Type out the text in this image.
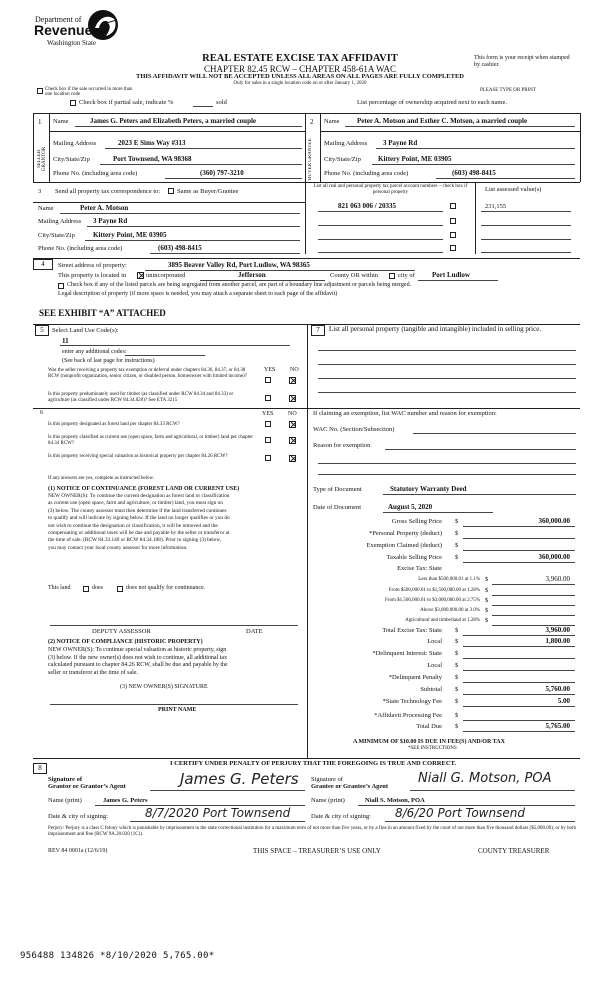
Department of
Revenue
Washington State
REAL ESTATE EXCISE TAX AFFIDAVIT
CHAPTER 82.45 RCW – CHAPTER 458-61A WAC
THIS AFFIDAVIT WILL NOT BE ACCEPTED UNLESS ALL AREAS ON ALL PAGES ARE FULLY COMPLETED
Only for sales in a single location code on or after January 1, 2020
This form is your receipt when stamped by cashier.
PLEASE TYPE OR PRINT
Check box if the sale occurred in more than one location code
Check box if partial sale, indicate %	sold	List percentage of ownership acquired next to each name.
1
SELLER GRANTOR
Name	James G. Peters and Elizabeth Peters, a married couple
Mailing Address	2023 E Sims Way #313
City/State/Zip	Port Townsend, WA 98368
Phone No. (including area code)	(360) 797-3210
2
BUYER GRANTEE
Name Peter A. Motson and Esther C. Motson, a married couple
Mailing Address 3 Payne Rd
City/State/Zip Kittery Point, ME 03905
Phone No. (including area code)	(603) 498-8415
3 Send all property tax correspondence to:	Same as Buyer/Grantee
Name	Peter A. Motson
Mailing Address 3 Payne Rd
City/State/Zip	Kittery Point, ME 03905
Phone No. (including area code)	(603) 498-8415
List all real and personal property tax parcel account numbers – check box if personal property	List assessed value(s)
821 063 006 / 20335	231,155
4	Street address of property:	3895 Beaver Valley Rd, Port Ludlow, WA 98365
This property is located in	unincorporated	Jefferson	County OR within	city of Port Ludlow
Check box if any of the listed parcels are being segregated from another parcel, are part of a boundary line adjustment or parcels being merged.
Legal description of property (if more space is needed, you may attach a separate sheet to each page of the affidavit)
SEE EXHIBIT “A” ATTACHED
5	Select Land Use Code(s):
11
enter any additional codes:
(See back of last page for instructions)
YES NO
Was the seller receiving a property tax exemption or deferral under chapters 84.36, 84.37, or 84.38 RCW (nonprofit organization, senior citizen, or disabled person, homeowner with limited income)?
Is this property predominately used for timber (as classified under RCW 84.34 and 84.33) or agriculture (as classified under RCW 84.34.020)? See ETA 3215
6	YES NO
Is this property designated as forest land per chapter 84.33 RCW?
Is this property classified as current use (open space, farm and agricultural, or timber) land per chapter 84.34 RCW?
Is this property receiving special valuation as historical property per chapter 84.26 RCW?
If any answers are yes, complete as instructed below.
(1) NOTICE OF CONTINUANCE (FOREST LAND OR CURRENT USE)
NEW OWNER(S): To continue the current designation as forest land or classification
as current use (open space, farm and agriculture, or timber) land, you must sign on
(3) below. The county assessor must then determine if the land transferred continues
to qualify and will indicate by signing below. If the land no longer qualifies or you do
not wish to continue the designation or classification, it will be removed and the
compensating or additional taxes will be due and payable by the seller or transferor at
the time of sale. (RCW 84.33.140 or RCW 84.34.108). Prior to signing (3) below,
you may contact your local county assessor for more information.
This land	does	does not qualify for continuance.
DEPUTY ASSESSOR	DATE
(2) NOTICE OF COMPLIANCE (HISTORIC PROPERTY)
NEW OWNER(S): To continue special valuation as historic property, sign
(3) below. If the new owner(s) does not wish to continue, all additional tax
calculated pursuant to chapter 84.26 RCW, shall be due and payable by the
seller or transferor at the time of sale.
(3) NEW OWNER(S) SIGNATURE
PRINT NAME
7	List all personal property (tangible and intangible) included in selling price.
If claiming an exemption, list WAC number and reason for exemption:
WAC No. (Section/Subsection)
Reason for exemption
Type of Document	Statutory Warranty Deed
Date of Document	August 5, 2020
Gross Selling Price $	360,000.00
*Personal Property (deduct) $
Exemption Claimed (deduct) $
Taxable Selling Price $	360,000.00
Excise Tax: State
Less than $500,000.01 at 1.1% $	3,960.00
From $500,000.01 to $1,500,000.00 at 1.28% $
From $1,500,000.01 to $3,000,000.00 at 2.75% $
Above $3,000,000.00 at 3.0% $
Agricultural and timberland at 1.28% $
Total Excise Tax: State $	3,960.00
Local $	1,800.00
*Delinquent Interest: State $
Local $
*Delinquent Penalty $
Subtotal $	5,760.00
*State Technology Fee $	5.00
*Affidavit Processing Fee $
Total Due $	5,765.00
A MINIMUM OF $10.00 IS DUE IN FEE(S) AND/OR TAX
*SEE INSTRUCTIONS
8
I CERTIFY UNDER PENALTY OF PERJURY THAT THE FOREGOING IS TRUE AND CORRECT.
Signature of
Grantor or Grantor’s Agent	James G. Peters
Name (print)	James G. Peters
Date & city of signing:	8/7/2020 Port Townsend
Signature of
Grantee or Grantee’s Agent
Niall G. Motson, POA
Name (print)	Niall S. Motson, POA
Date & city of signing: 8/6/20 Port Townsend
Perjury: Perjury is a class C felony which is punishable by imprisonment in the state correctional institution for a maximum term of not more than five years, or by a fine in an amount fixed by the court of not more than five thousand dollars ($5,000.00), or by both imprisonment and fine (RCW 9A.20.020 (1C)).
REV 84 0001a (12/6/19)	THIS SPACE – TREASURER’S USE ONLY	COUNTY TREASURER
956488 134826 *8/10/2020 5,765.00*
